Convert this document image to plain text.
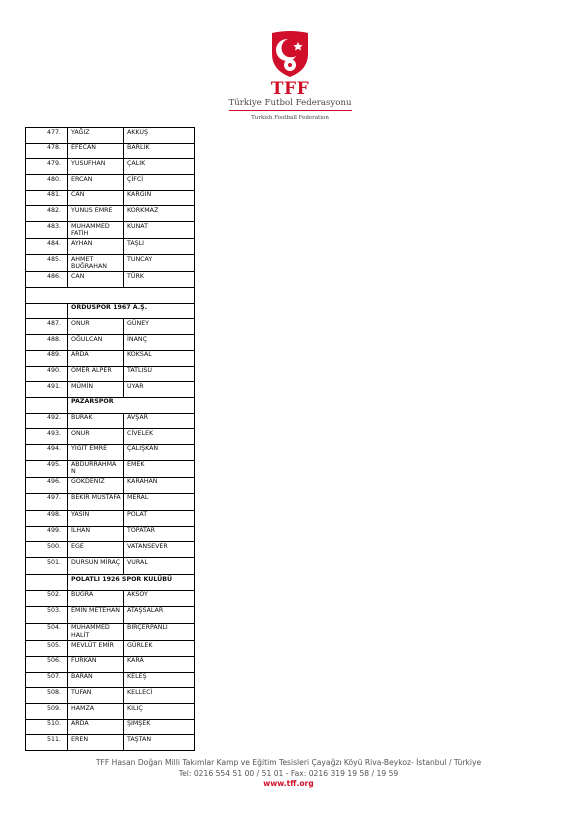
1923
TFF
Türkiye Futbol Federasyonu
Turkish Football Federation
477.	YAĞIZ	AKKUŞ
478.	EFECAN	BARLIK
479.	YUSUFHAN	ÇALIK
480.	ERCAN	ÇİFCİ
481.	CAN	KARGIN
482.	YUNUS EMRE	KORKMAZ
483.	MUHAMMED FATİH	KUNAT
484.	AYHAN	TAŞLI
485.	AHMET BUĞRAHAN	TUNCAY
486.	CAN	TÜRK

	ORDUSPOR 1967 A.Ş.	
487.	ONUR	GÜNEY
488.	OĞULCAN	İNANÇ
489.	ARDA	KÖKSAL
490.	ÖMER ALPER	TATLISU
491.	MÜMİN	UYAR
	PAZARSPOR	
492.	BURAK	AVŞAR
493.	ONUR	CİVELEK
494.	YİĞİT EMRE	ÇALIŞKAN
495.	ABDURRAHMAN	EMEK
496.	GÖKDENİZ	KARAHAN
497.	BEKİR MUSTAFA	MERAL
498.	YASİN	POLAT
499.	İLHAN	TOPATAR
500.	EGE	VATANSEVER
501.	DURSUN MİRAÇ	VURAL
	POLATLI 1926 SPOR KULÜBÜ	
502.	BUĞRA	AKSOY
503.	EMİN METEHAN	ATAŞSALAR
504.	MUHAMMED HALİT	BİRÇERPANLI
505.	MEVLÜT EMİR	GÜRLEK
506.	FURKAN	KARA
507.	BARAN	KELEŞ
508.	TUFAN	KELLECİ
509.	HAMZA	KILIÇ
510.	ARDA	ŞİMŞEK
511.	EREN	TAŞTAN
TFF Hasan Doğan Milli Takımlar Kamp ve Eğitim Tesisleri Çayağzı Köyü Riva-Beykoz- İstanbul / Türkiye
Tel: 0216 554 51 00 / 51 01 - Fax: 0216 319 19 58 / 19 59
www.tff.org
